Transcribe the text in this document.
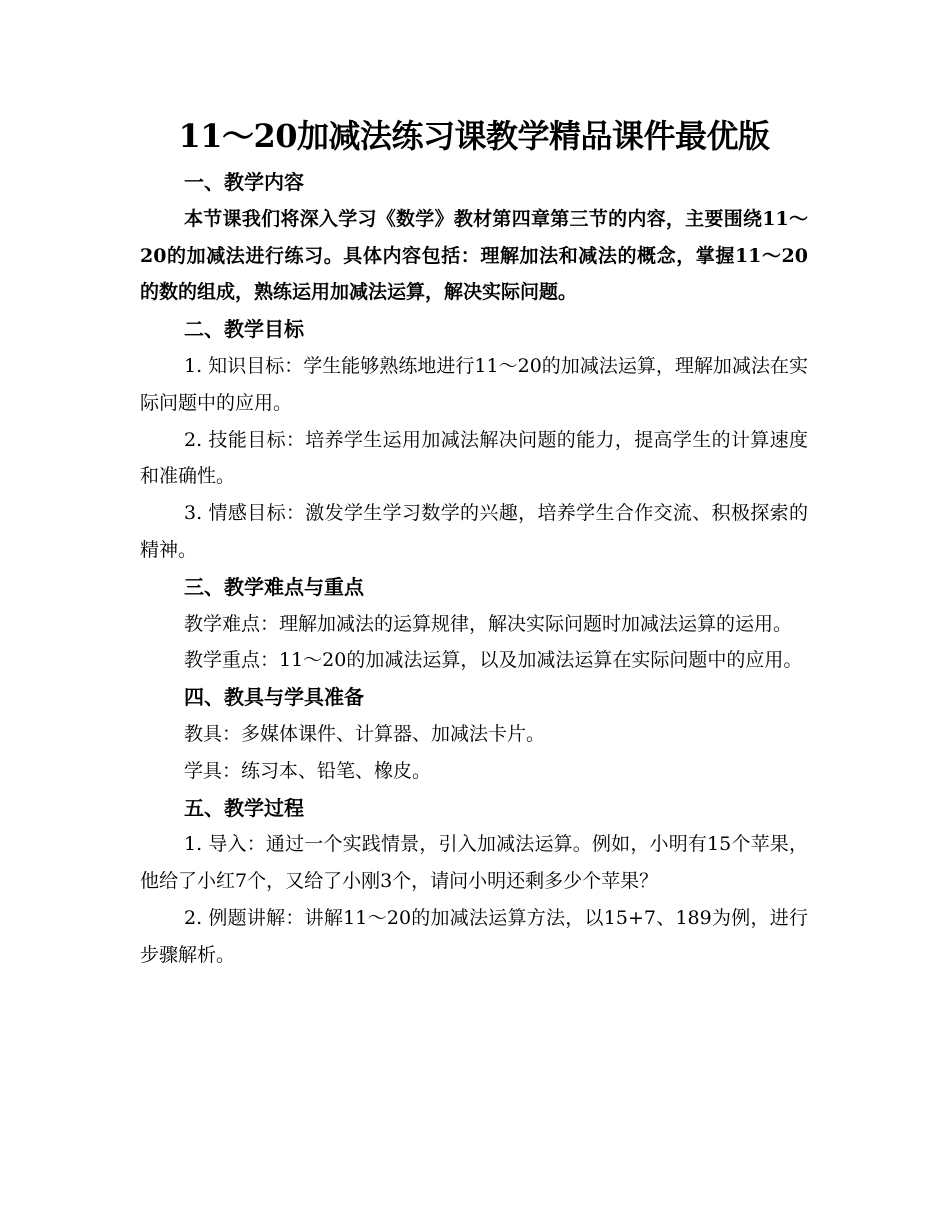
11～20加减法练习课教学精品课件最优版
一、教学内容

本节课我们将深入学习《数学》教材第四章第三节的内容，主要围绕11～20的加减法进行练习。具体内容包括：理解加法和减法的概念，掌握11～20的数的组成，熟练运用加减法运算，解决实际问题。

二、教学目标

1. 知识目标：学生能够熟练地进行11～20的加减法运算，理解加减法在实际问题中的应用。

2. 技能目标：培养学生运用加减法解决问题的能力，提高学生的计算速度和准确性。

3. 情感目标：激发学生学习数学的兴趣，培养学生合作交流、积极探索的精神。

三、教学难点与重点

教学难点：理解加减法的运算规律，解决实际问题时加减法运算的运用。

教学重点：11～20的加减法运算，以及加减法运算在实际问题中的应用。

四、教具与学具准备

教具：多媒体课件、计算器、加减法卡片。

学具：练习本、铅笔、橡皮。

五、教学过程

1. 导入：通过一个实践情景，引入加减法运算。例如，小明有15个苹果，他给了小红7个，又给了小刚3个，请问小明还剩多少个苹果？

2. 例题讲解：讲解11～20的加减法运算方法，以15+7、189为例，进行步骤解析。
